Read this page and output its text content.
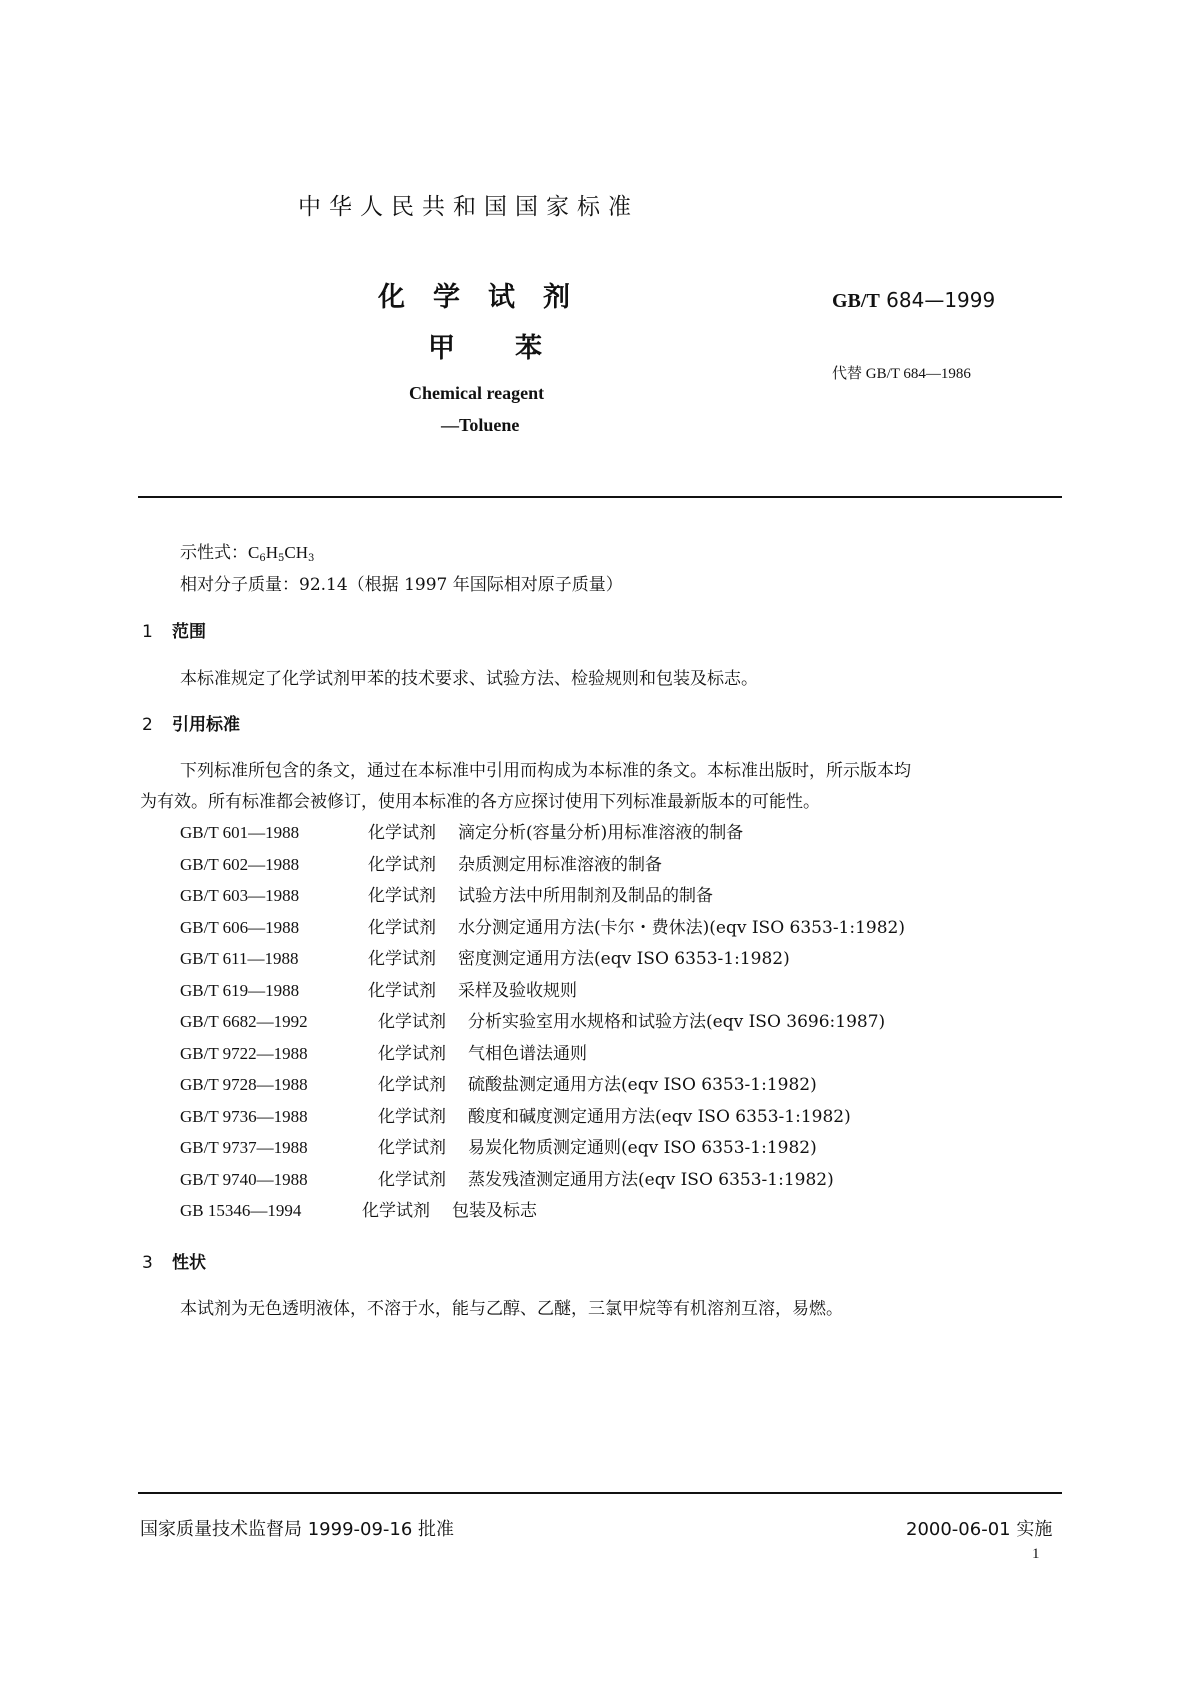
中华人民共和国国家标准
化学试剂
甲苯
Chemical reagent
—Toluene
GB/T 684—1999
代替 GB/T 684—1986
示性式：$C_6H_5CH_3$
相对分子质量：92.14（根据 1997 年国际相对原子质量）
1 范围
本标准规定了化学试剂甲苯的技术要求、试验方法、检验规则和包装及标志。
2 引用标准
下列标准所包含的条文，通过在本标准中引用而构成为本标准的条文。本标准出版时，所示版本均
为有效。所有标准都会被修订，使用本标准的各方应探讨使用下列标准最新版本的可能性。
GB/T 601—1988	化学试剂 滴定分析(容量分析)用标准溶液的制备
GB/T 602—1988	化学试剂 杂质测定用标准溶液的制备
GB/T 603—1988	化学试剂 试验方法中所用制剂及制品的制备
GB/T 606—1988	化学试剂 水分测定通用方法(卡尔・费休法)(eqv ISO 6353-1:1982)
GB/T 611—1988	化学试剂 密度测定通用方法(eqv ISO 6353-1:1982)
GB/T 619—1988	化学试剂 采样及验收规则
GB/T 6682—1992	化学试剂 分析实验室用水规格和试验方法(eqv ISO 3696:1987)
GB/T 9722—1988	化学试剂 气相色谱法通则
GB/T 9728—1988	化学试剂 硫酸盐测定通用方法(eqv ISO 6353-1:1982)
GB/T 9736—1988	化学试剂 酸度和碱度测定通用方法(eqv ISO 6353-1:1982)
GB/T 9737—1988	化学试剂 易炭化物质测定通则(eqv ISO 6353-1:1982)
GB/T 9740—1988	化学试剂 蒸发残渣测定通用方法(eqv ISO 6353-1:1982)
GB 15346—1994	化学试剂 包装及标志
3 性状
本试剂为无色透明液体，不溶于水，能与乙醇、乙醚，三氯甲烷等有机溶剂互溶，易燃。
国家质量技术监督局 1999-09-16 批准	2000-06-01 实施
1
